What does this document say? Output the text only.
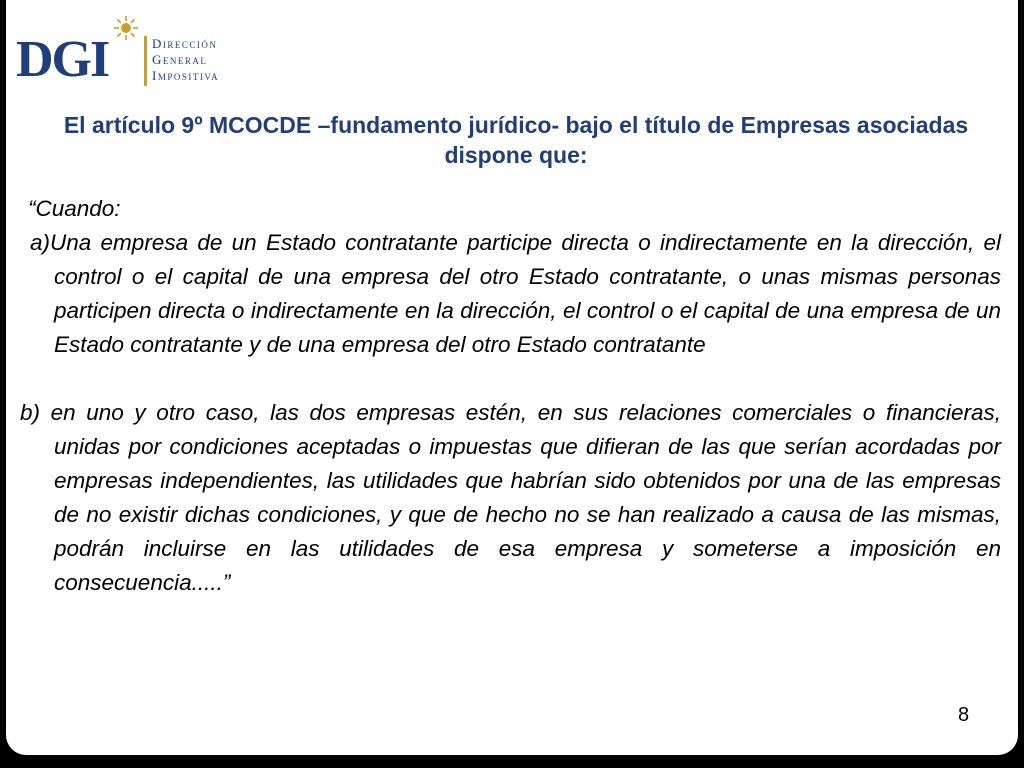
DGI	Dirección
General
Impositiva
El artículo 9º MCOCDE –fundamento jurídico- bajo el título de Empresas asociadas dispone que:
“Cuando:
a)Una empresa de un Estado contratante participe directa o indirectamente en la dirección, el control o el capital de una empresa del otro Estado contratante, o unas mismas personas participen directa o indirectamente en la dirección, el control o el capital de una empresa de un Estado contratante y de una empresa del otro Estado contratante
b) en uno y otro caso, las dos empresas estén, en sus relaciones comerciales o financieras, unidas por condiciones aceptadas o impuestas que difieran de las que serían acordadas por empresas independientes, las utilidades que habrían sido obtenidos por una de las empresas de no existir dichas condiciones, y que de hecho no se han realizado a causa de las mismas, podrán incluirse en las utilidades de esa empresa y someterse a imposición en consecuencia.....”
8
